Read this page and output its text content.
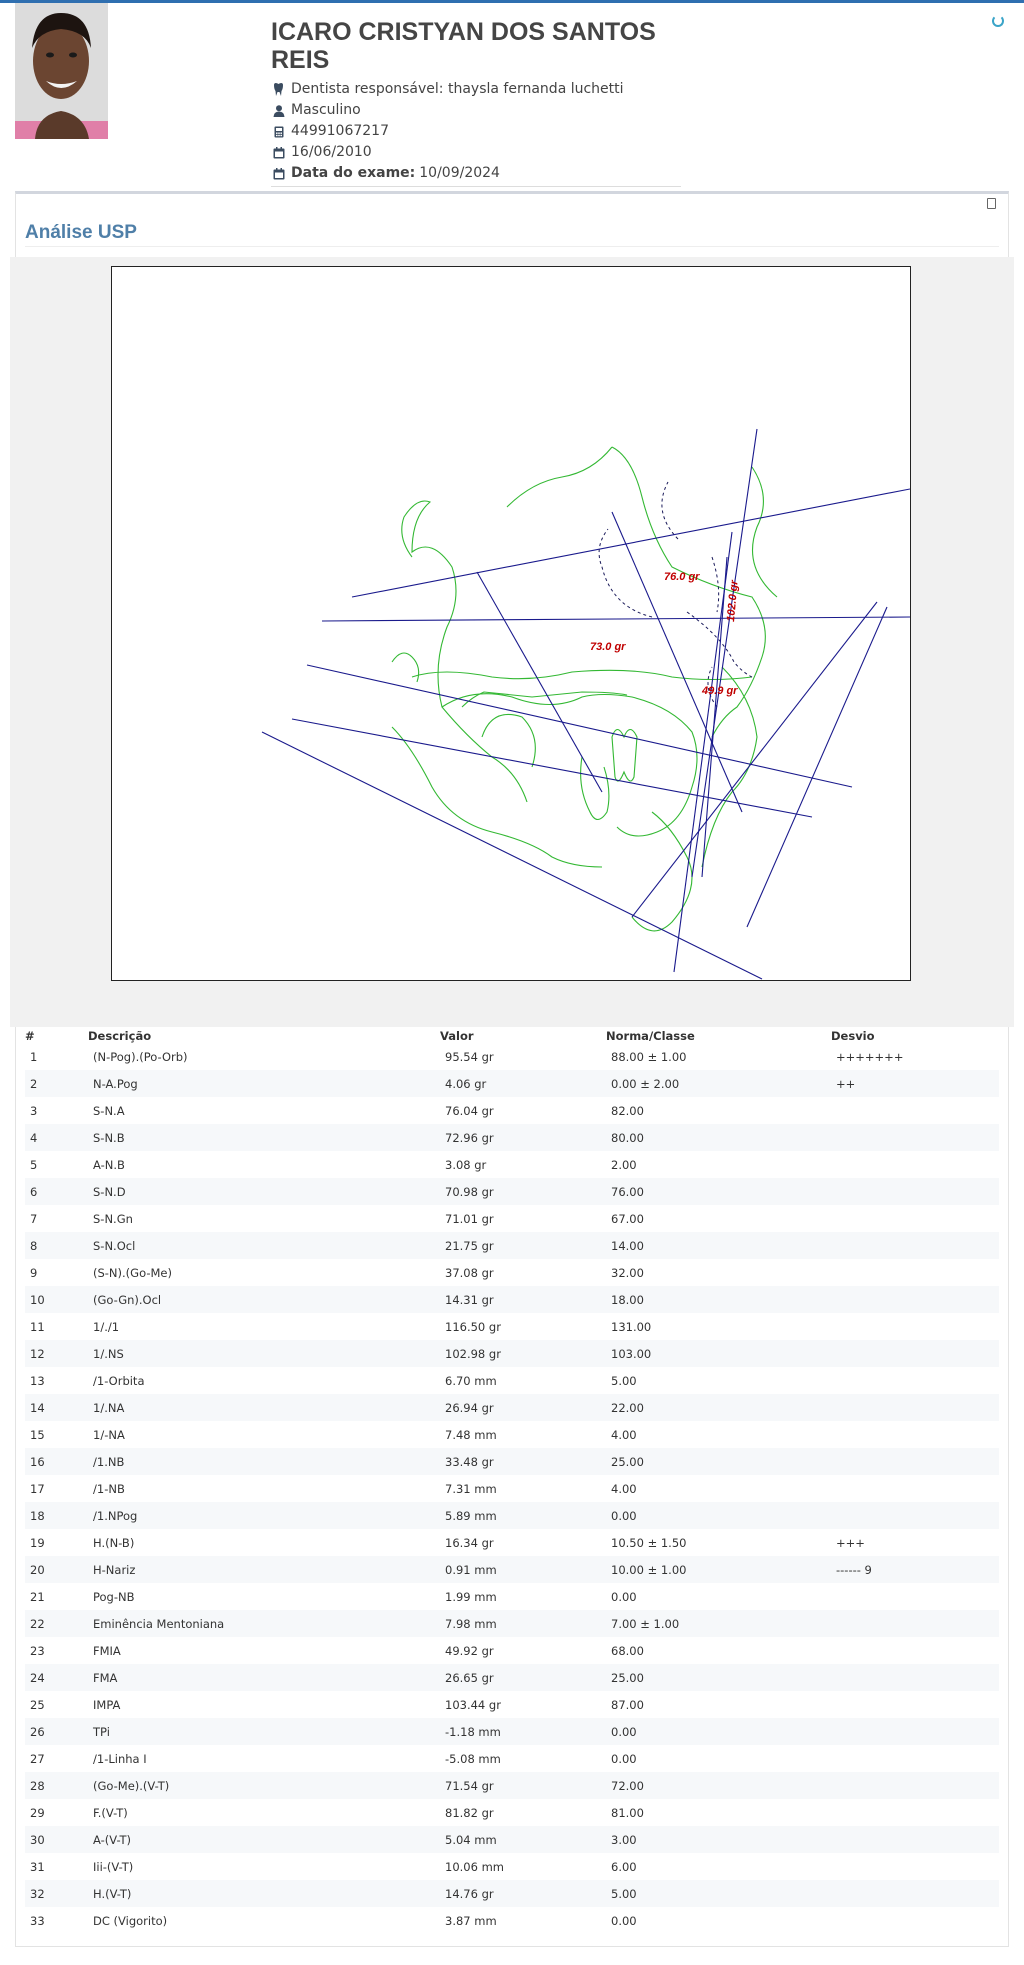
ICARO CRISTYAN DOS SANTOS REIS
Dentista responsável:
thaysla fernanda luchetti
Masculino
44991067217
16/06/2010
Data do exame: 10/09/2024
Análise USP
76.0 gr
73.0 gr
49.9 gr
102.0 gr
#	Descrição	Valor	Norma/Classe	Desvio
1	(N-Pog).(Po-Orb)	95.54 gr	88.00 ± 1.00	+++++++
2	N-A.Pog	4.06 gr	0.00 ± 2.00	++
3	S-N.A	76.04 gr	82.00
4	S-N.B	72.96 gr	80.00
5	A-N.B	3.08 gr	2.00
6	S-N.D	70.98 gr	76.00
7	S-N.Gn	71.01 gr	67.00
8	S-N.Ocl	21.75 gr	14.00
9	(S-N).(Go-Me)	37.08 gr	32.00
10	(Go-Gn).Ocl	14.31 gr	18.00
11	1/./1	116.50 gr	131.00
12	1/.NS	102.98 gr	103.00
13	/1-Orbita	6.70 mm	5.00
14	1/.NA	26.94 gr	22.00
15	1/-NA	7.48 mm	4.00
16	/1.NB	33.48 gr	25.00
17	/1-NB	7.31 mm	4.00
18	/1.NPog	5.89 mm	0.00
19	H.(N-B)	16.34 gr	10.50 ± 1.50	+++
20	H-Nariz	0.91 mm	10.00 ± 1.00	------ 9
21	Pog-NB	1.99 mm	0.00
22	Eminência Mentoniana	7.98 mm	7.00 ± 1.00
23	FMIA	49.92 gr	68.00
24	FMA	26.65 gr	25.00
25	IMPA	103.44 gr	87.00
26	TPi	-1.18 mm	0.00
27	/1-Linha I	-5.08 mm	0.00
28	(Go-Me).(V-T)	71.54 gr	72.00
29	F.(V-T)	81.82 gr	81.00
30	A-(V-T)	5.04 mm	3.00
31	Iii-(V-T)	10.06 mm	6.00
32	H.(V-T)	14.76 gr	5.00
33	DC (Vigorito)	3.87 mm	0.00
